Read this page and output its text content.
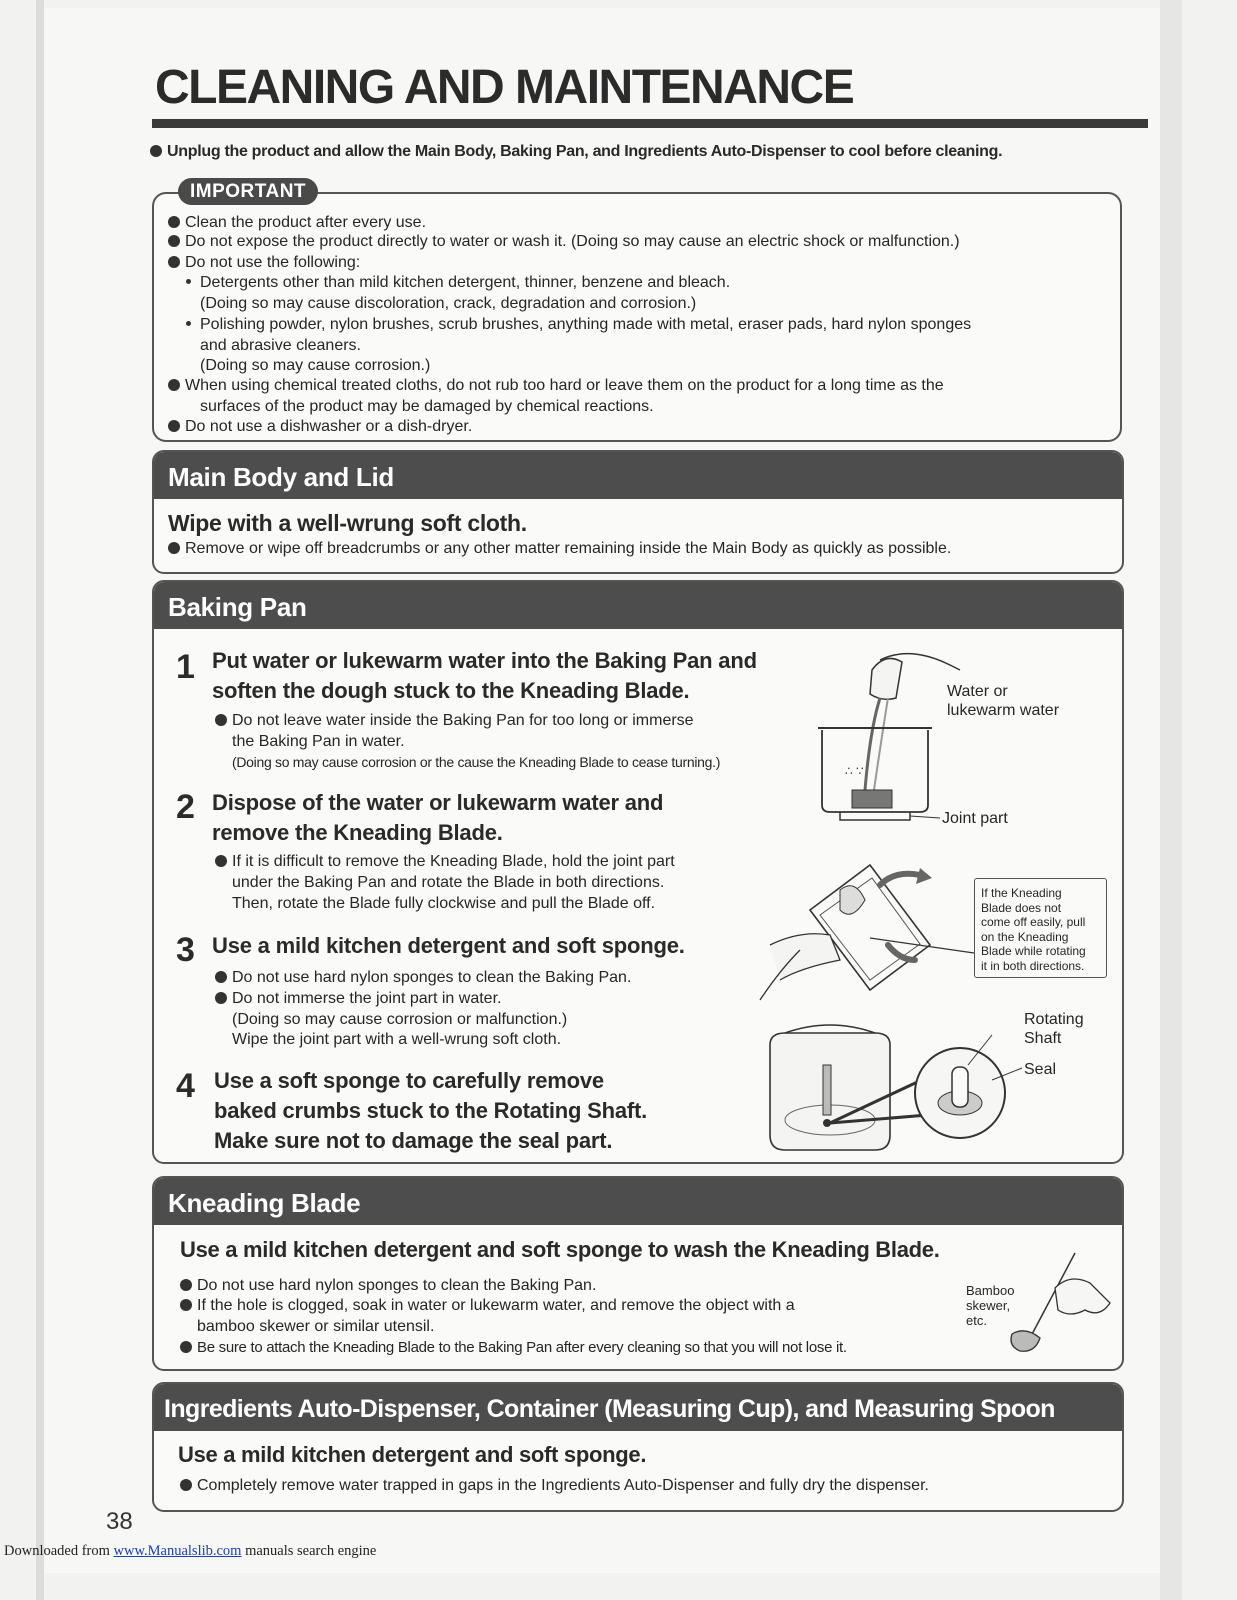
CLEANING AND MAINTENANCE
Unplug the product and allow the Main Body, Baking Pan, and Ingredients Auto-Dispenser to cool before cleaning.
IMPORTANT
Clean the product after every use.
Do not expose the product directly to water or wash it. (Doing so may cause an electric shock or malfunction.)
Do not use the following:
Detergents other than mild kitchen detergent, thinner, benzene and bleach.
(Doing so may cause discoloration, crack, degradation and corrosion.)
Polishing powder, nylon brushes, scrub brushes, anything made with metal, eraser pads, hard nylon sponges
and abrasive cleaners.
(Doing so may cause corrosion.)
When using chemical treated cloths, do not rub too hard or leave them on the product for a long time as the
surfaces of the product may be damaged by chemical reactions.
Do not use a dishwasher or a dish-dryer.
Main Body and Lid
Wipe with a well-wrung soft cloth.
Remove or wipe off breadcrumbs or any other matter remaining inside the Main Body as quickly as possible.
Baking Pan
1 Put water or lukewarm water into the Baking Pan and
soften the dough stuck to the Kneading Blade.
Do not leave water inside the Baking Pan for too long or immerse
the Baking Pan in water.
(Doing so may cause corrosion or the cause the Kneading Blade to cease turning.)
2 Dispose of the water or lukewarm water and
remove the Kneading Blade.
If it is difficult to remove the Kneading Blade, hold the joint part
under the Baking Pan and rotate the Blade in both directions.
Then, rotate the Blade fully clockwise and pull the Blade off.
3 Use a mild kitchen detergent and soft sponge.
Do not use hard nylon sponges to clean the Baking Pan.
Do not immerse the joint part in water.
(Doing so may cause corrosion or malfunction.)
Wipe the joint part with a well-wrung soft cloth.
4 Use a soft sponge to carefully remove
baked crumbs stuck to the Rotating Shaft.
Make sure not to damage the seal part.
∴ ∵
Water or
lukewarm water
Joint part
If the Kneading
Blade does not
come off easily, pull
on the Kneading
Blade while rotating
it in both directions.
Rotating
Shaft
Seal
Kneading Blade
Use a mild kitchen detergent and soft sponge to wash the Kneading Blade.
Do not use hard nylon sponges to clean the Baking Pan.
If the hole is clogged, soak in water or lukewarm water, and remove the object with a
bamboo skewer or similar utensil.
Be sure to attach the Kneading Blade to the Baking Pan after every cleaning so that you will not lose it.
Bamboo
skewer,
etc.
Ingredients Auto-Dispenser, Container (Measuring Cup), and Measuring Spoon
Use a mild kitchen detergent and soft sponge.
Completely remove water trapped in gaps in the Ingredients Auto-Dispenser and fully dry the dispenser.
38
Downloaded from www.Manualslib.com manuals search engine
